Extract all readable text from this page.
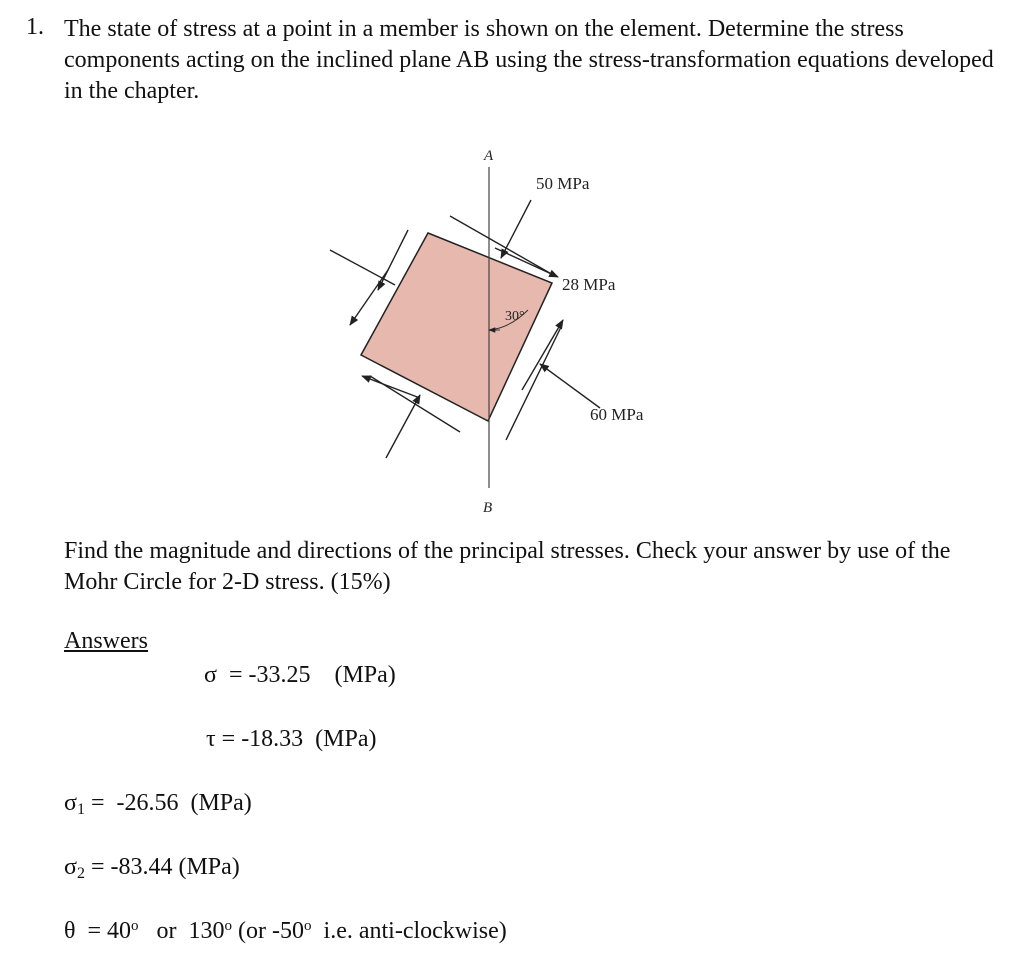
1. The state of stress at a point in a member is shown on the element. Determine the stress components acting on the inclined plane AB using the stress-transformation equations developed in the chapter.

A
B
50 MPa
28 MPa
60 MPa
30°

Find the magnitude and directions of the principal stresses. Check your answer by use of the Mohr Circle for 2-D stress. (15%)

Answers

σ = -33.25    (MPa)

τ = -18.33  (MPa)

$\sigma_1 = -26.56$  (MPa)

$\sigma_2 = -83.44$ (MPa)

$\theta = 40^o$   or  130$^o$ (or -50$^o$  i.e. anti-clockwise)
